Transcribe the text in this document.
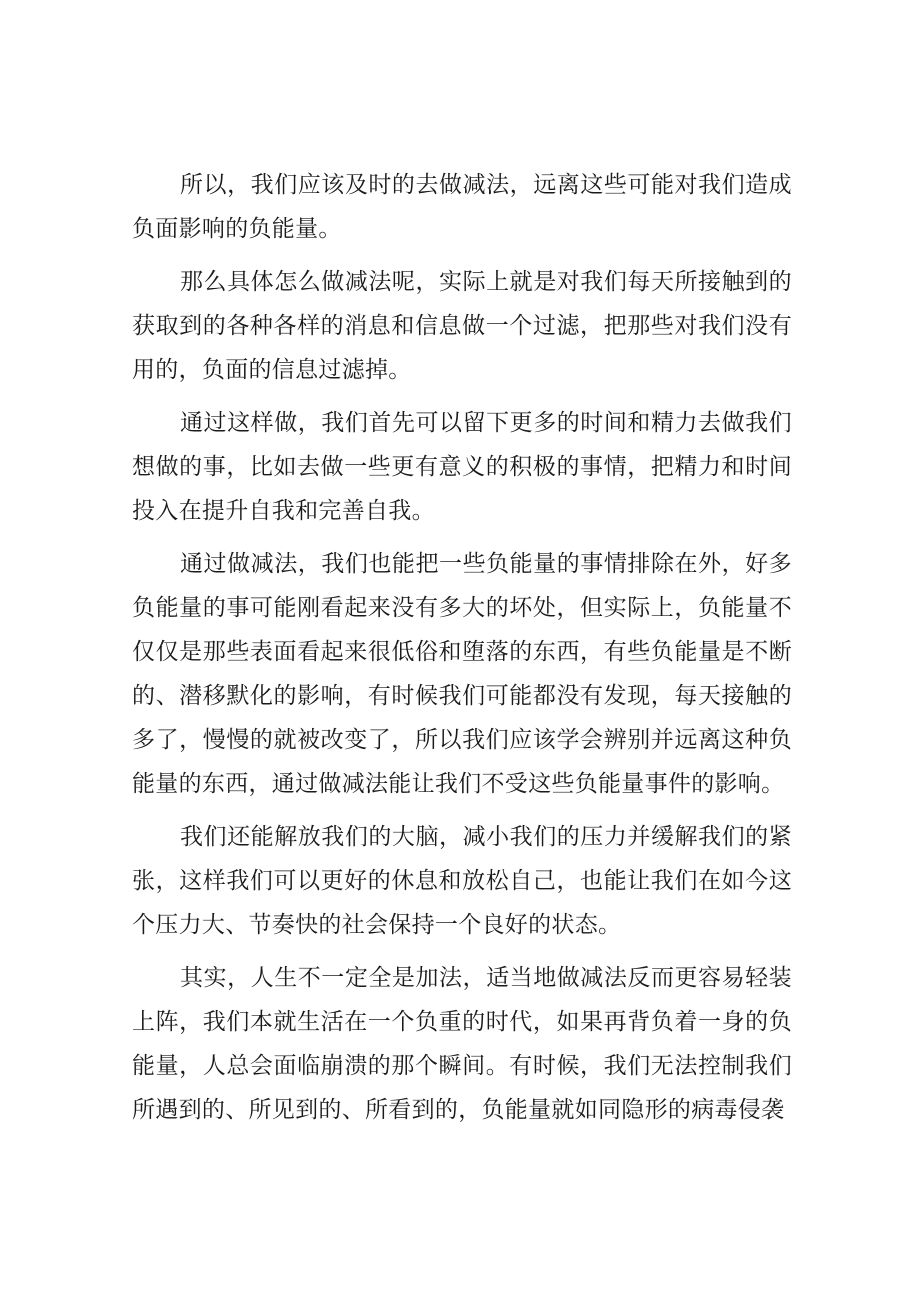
所以，我们应该及时的去做减法，远离这些可能对我们造成负面影响的负能量。

那么具体怎么做减法呢，实际上就是对我们每天所接触到的获取到的各种各样的消息和信息做一个过滤，把那些对我们没有用的，负面的信息过滤掉。

通过这样做，我们首先可以留下更多的时间和精力去做我们想做的事，比如去做一些更有意义的积极的事情，把精力和时间投入在提升自我和完善自我。

通过做减法，我们也能把一些负能量的事情排除在外，好多负能量的事可能刚看起来没有多大的坏处，但实际上，负能量不仅仅是那些表面看起来很低俗和堕落的东西，有些负能量是不断的、潜移默化的影响，有时候我们可能都没有发现，每天接触的多了，慢慢的就被改变了，所以我们应该学会辨别并远离这种负能量的东西，通过做减法能让我们不受这些负能量事件的影响。

我们还能解放我们的大脑，减小我们的压力并缓解我们的紧张，这样我们可以更好的休息和放松自己，也能让我们在如今这个压力大、节奏快的社会保持一个良好的状态。

其实，人生不一定全是加法，适当地做减法反而更容易轻装上阵，我们本就生活在一个负重的时代，如果再背负着一身的负能量，人总会面临崩溃的那个瞬间。有时候，我们无法控制我们所遇到的、所见到的、所看到的，负能量就如同隐形的病毒侵袭
